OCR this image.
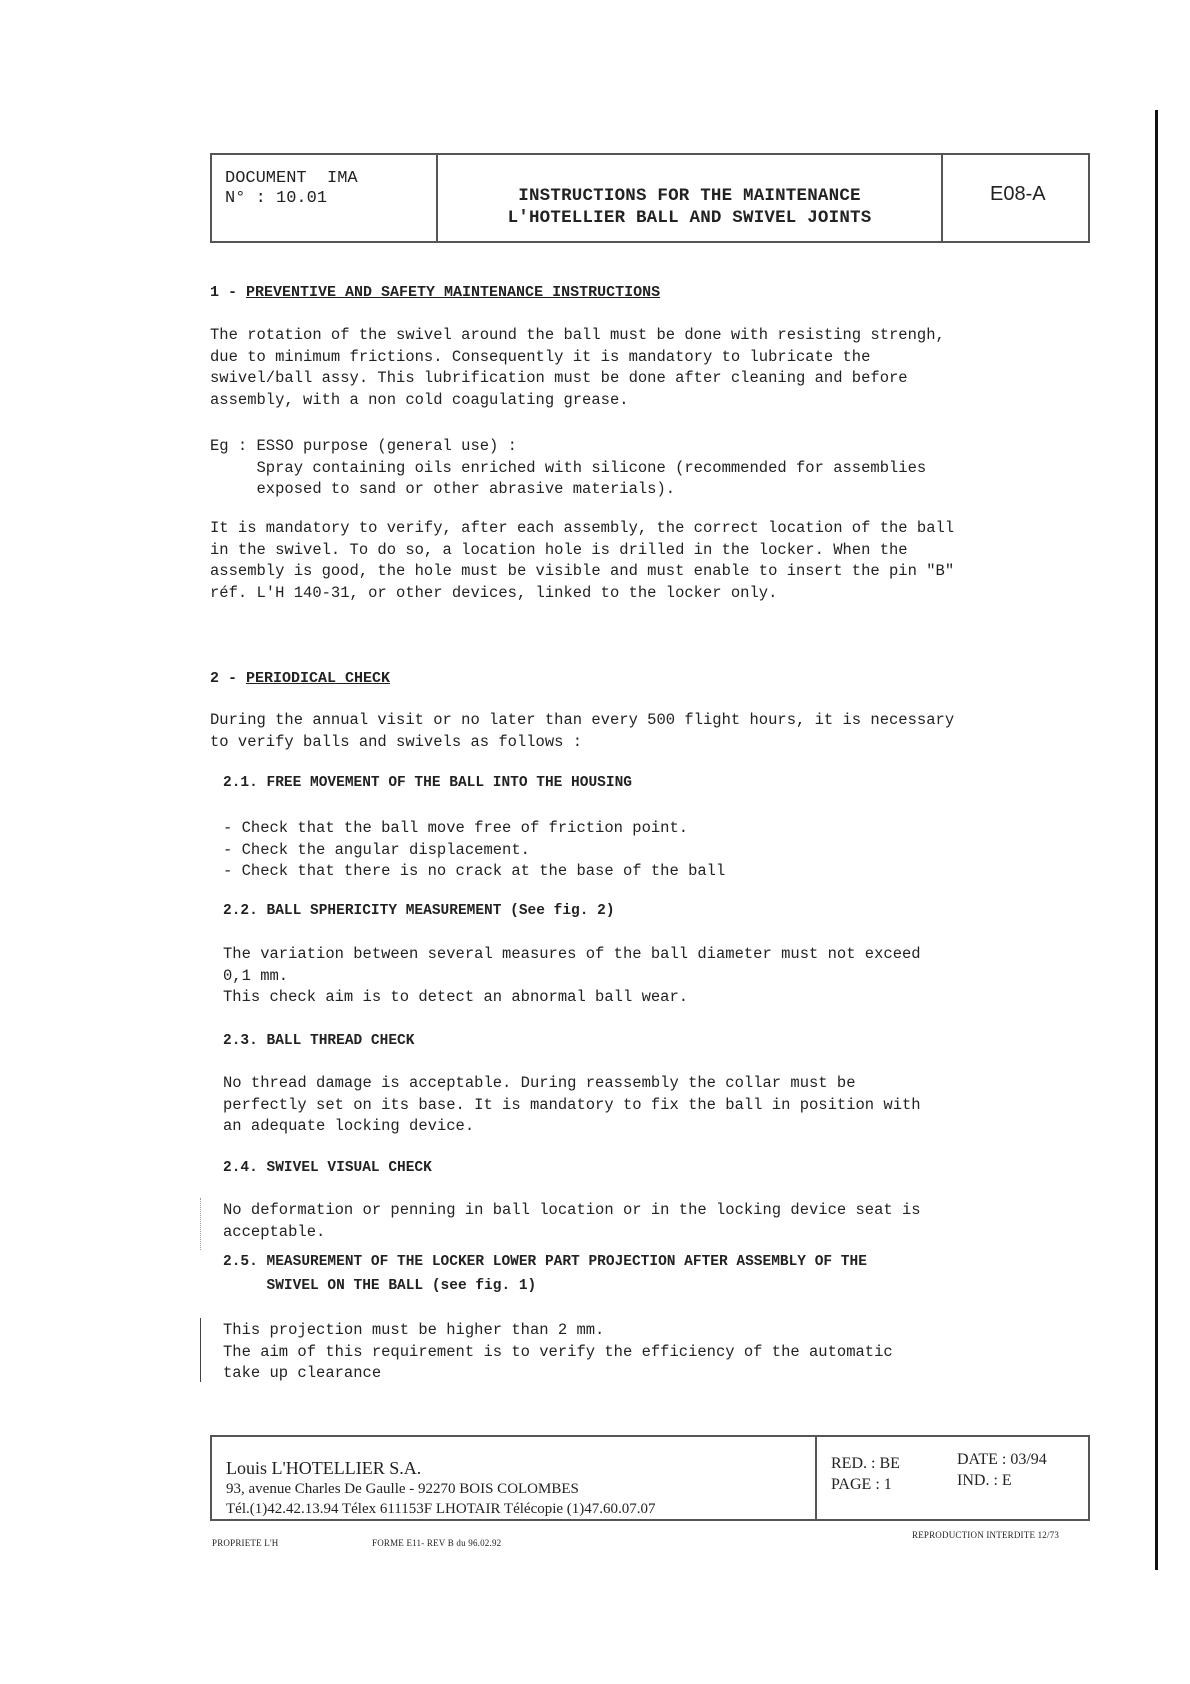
DOCUMENT  IMA
N° : 10.01	INSTRUCTIONS FOR THE MAINTENANCE
L'HOTELLIER BALL AND SWIVEL JOINTS
E08-A
1 - PREVENTIVE AND SAFETY MAINTENANCE INSTRUCTIONS
The rotation of the swivel around the ball must be done with resisting strengh,
due to minimum frictions. Consequently it is mandatory to lubricate the
swivel/ball assy. This lubrification must be done after cleaning and before
assembly, with a non cold coagulating grease.
Eg : ESSO purpose (general use) :
Spray containing oils enriched with silicone (recommended for assemblies
exposed to sand or other abrasive materials).
It is mandatory to verify, after each assembly, the correct location of the ball
in the swivel. To do so, a location hole is drilled in the locker. When the
assembly is good, the hole must be visible and must enable to insert the pin "B"
réf. L'H 140-31, or other devices, linked to the locker only.
2 - PERIODICAL CHECK
During the annual visit or no later than every 500 flight hours, it is necessary
to verify balls and swivels as follows :
2.1. FREE MOVEMENT OF THE BALL INTO THE HOUSING
- Check that the ball move free of friction point.
- Check the angular displacement.
- Check that there is no crack at the base of the ball
2.2. BALL SPHERICITY MEASUREMENT (See fig. 2)
The variation between several measures of the ball diameter must not exceed
0,1 mm.
This check aim is to detect an abnormal ball wear.
2.3. BALL THREAD CHECK
No thread damage is acceptable. During reassembly the collar must be
perfectly set on its base. It is mandatory to fix the ball in position with
an adequate locking device.
2.4. SWIVEL VISUAL CHECK
No deformation or penning in ball location or in the locking device seat is
acceptable.
2.5. MEASUREMENT OF THE LOCKER LOWER PART PROJECTION AFTER ASSEMBLY OF THE
SWIVEL ON THE BALL (see fig. 1)
This projection must be higher than 2 mm.
The aim of this requirement is to verify the efficiency of the automatic
take up clearance
Louis L'HOTELLIER S.A.
93, avenue Charles De Gaulle - 92270 BOIS COLOMBES
Tél.(1)42.42.13.94 Télex 611153F LHOTAIR Télécopie (1)47.60.07.07
RED. : BE
PAGE : 1
DATE : 03/94
IND. : E
PROPRIETE L'H	FORME E11- REV B du 96.02.92
REPRODUCTION INTERDITE 12/73
